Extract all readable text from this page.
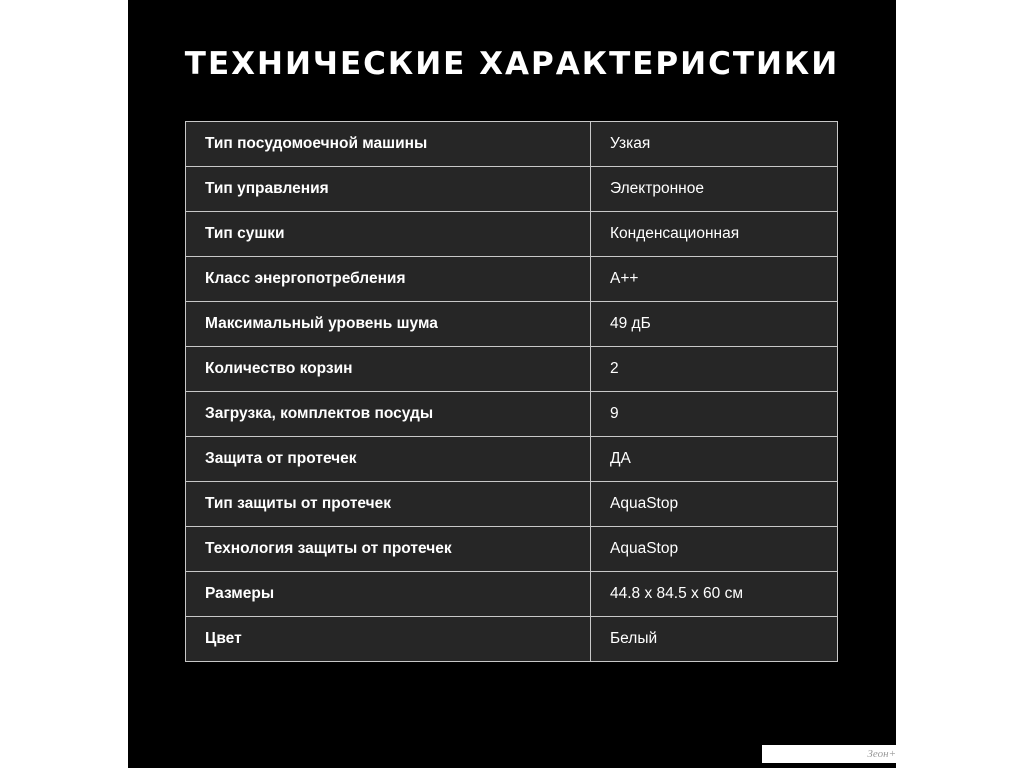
ТЕХНИЧЕСКИЕ ХАРАКТЕРИСТИКИ
Тип посудомоечной машины	Узкая
Тип управления	Электронное
Тип сушки	Конденсационная
Класс энергопотребления	A++
Максимальный уровень шума	49 дБ
Количество корзин	2
Загрузка, комплектов посуды	9
Защита от протечек	ДА
Тип защиты от протечек	AquaStop
Технология защиты от протечек	AquaStop
Размеры	44.8 x 84.5 x 60 см
Цвет	Белый
Зеон+
